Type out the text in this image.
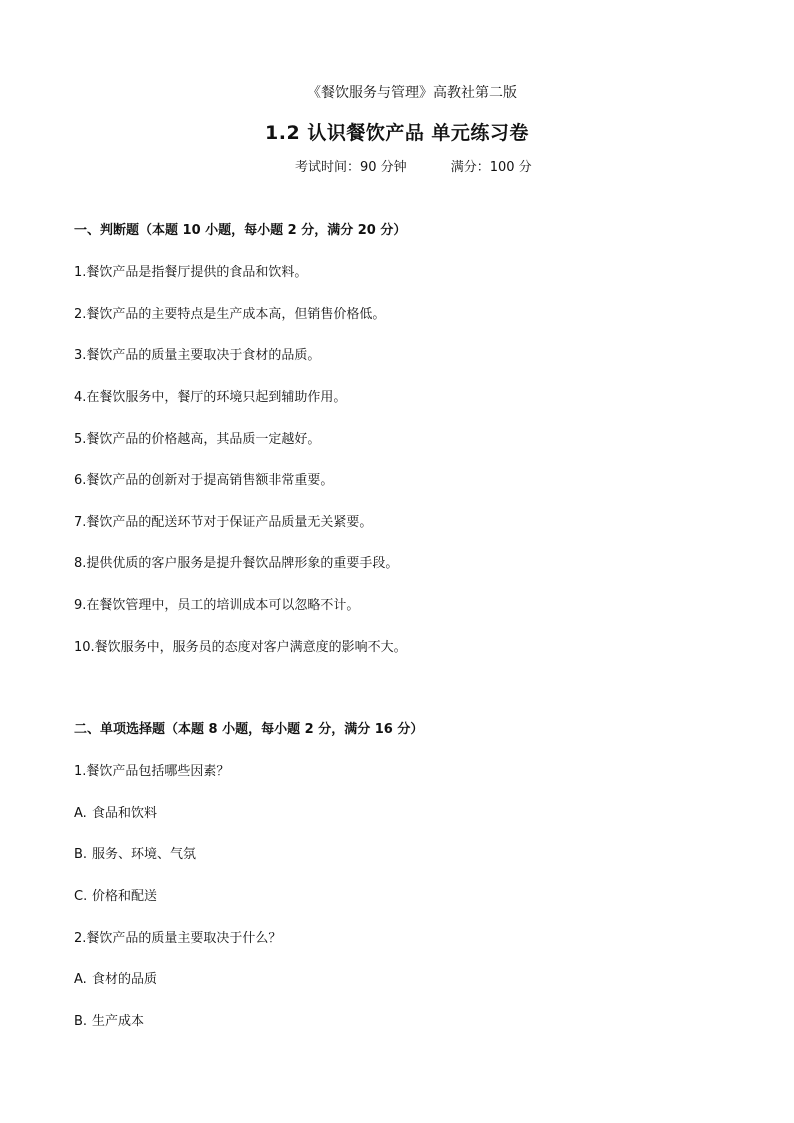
《餐饮服务与管理》高教社第二版
1.2 认识餐饮产品 单元练习卷
考试时间：90 分钟	满分：100 分
一、判断题（本题 10 小题，每小题 2 分，满分 20 分）
1.餐饮产品是指餐厅提供的食品和饮料。
2.餐饮产品的主要特点是生产成本高，但销售价格低。
3.餐饮产品的质量主要取决于食材的品质。
4.在餐饮服务中，餐厅的环境只起到辅助作用。
5.餐饮产品的价格越高，其品质一定越好。
6.餐饮产品的创新对于提高销售额非常重要。
7.餐饮产品的配送环节对于保证产品质量无关紧要。
8.提供优质的客户服务是提升餐饮品牌形象的重要手段。
9.在餐饮管理中，员工的培训成本可以忽略不计。
10.餐饮服务中，服务员的态度对客户满意度的影响不大。
二、单项选择题（本题 8 小题，每小题 2 分，满分 16 分）
1.餐饮产品包括哪些因素？
A. 食品和饮料
B. 服务、环境、气氛
C. 价格和配送
2.餐饮产品的质量主要取决于什么？
A. 食材的品质
B. 生产成本
